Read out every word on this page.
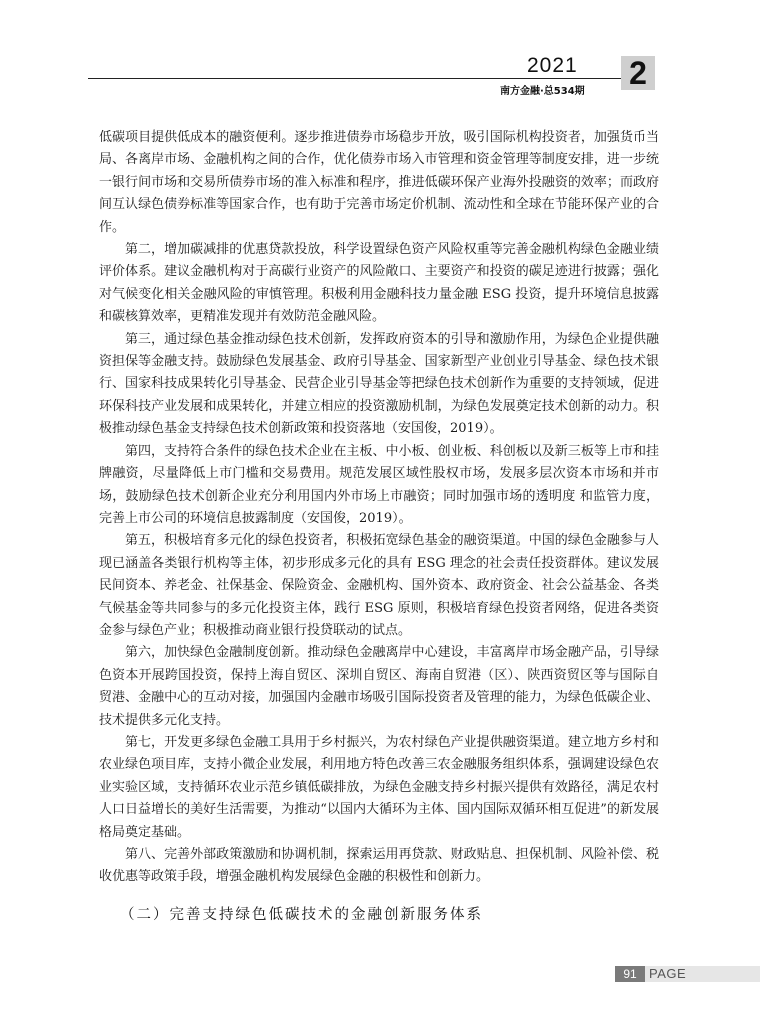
2021
南方金融·总534期
2

低碳项目提供低成本的融资便利。逐步推进债券市场稳步开放，吸引国际机构投资者，加强货币当局、各离岸市场、金融机构之间的合作，优化债券市场入市管理和资金管理等制度安排，进一步统一银行间市场和交易所债券市场的准入标准和程序，推进低碳环保产业海外投融资的效率；而政府间互认绿色债券标准等国家合作，也有助于完善市场定价机制、流动性和全球在节能环保产业的合作。

第二，增加碳减排的优惠贷款投放，科学设置绿色资产风险权重等完善金融机构绿色金融业绩评价体系。建议金融机构对于高碳行业资产的风险敞口、主要资产和投资的碳足迹进行披露；强化对气候变化相关金融风险的审慎管理。积极利用金融科技力量金融 ESG 投资，提升环境信息披露和碳核算效率，更精准发现并有效防范金融风险。

第三，通过绿色基金推动绿色技术创新，发挥政府资本的引导和激励作用，为绿色企业提供融资担保等金融支持。鼓励绿色发展基金、政府引导基金、国家新型产业创业引导基金、绿色技术银行、国家科技成果转化引导基金、民营企业引导基金等把绿色技术创新作为重要的支持领域，促进环保科技产业发展和成果转化，并建立相应的投资激励机制，为绿色发展奠定技术创新的动力。积极推动绿色基金支持绿色技术创新政策和投资落地（安国俊，2019）。

第四，支持符合条件的绿色技术企业在主板、中小板、创业板、科创板以及新三板等上市和挂牌融资，尽量降低上市门槛和交易费用。规范发展区域性股权市场，发展多层次资本市场和并市场，鼓励绿色技术创新企业充分利用国内外市场上市融资；同时加强市场的透明度 和监管力度，完善上市公司的环境信息披露制度（安国俊，2019）。

第五，积极培育多元化的绿色投资者，积极拓宽绿色基金的融资渠道。中国的绿色金融参与人现已涵盖各类银行机构等主体，初步形成多元化的具有 ESG 理念的社会责任投资群体。建议发展民间资本、养老金、社保基金、保险资金、金融机构、国外资本、政府资金、社会公益基金、各类气候基金等共同参与的多元化投资主体，践行 ESG 原则，积极培育绿色投资者网络，促进各类资金参与绿色产业；积极推动商业银行投贷联动的试点。

第六，加快绿色金融制度创新。推动绿色金融离岸中心建设，丰富离岸市场金融产品，引导绿色资本开展跨国投资，保持上海自贸区、深圳自贸区、海南自贸港（区）、陕西资贸区等与国际自贸港、金融中心的互动对接，加强国内金融市场吸引国际投资者及管理的能力，为绿色低碳企业、技术提供多元化支持。

第七，开发更多绿色金融工具用于乡村振兴，为农村绿色产业提供融资渠道。建立地方乡村和农业绿色项目库，支持小微企业发展，利用地方特色改善三农金融服务组织体系，强调建设绿色农业实验区域，支持循环农业示范乡镇低碳排放，为绿色金融支持乡村振兴提供有效路径，满足农村人口日益增长的美好生活需要，为推动“以国内大循环为主体、国内国际双循环相互促进”的新发展格局奠定基础。

第八、完善外部政策激励和协调机制，探索运用再贷款、财政贴息、担保机制、风险补偿、税收优惠等政策手段，增强金融机构发展绿色金融的积极性和创新力。

（二）完善支持绿色低碳技术的金融创新服务体系
91 PAGE
